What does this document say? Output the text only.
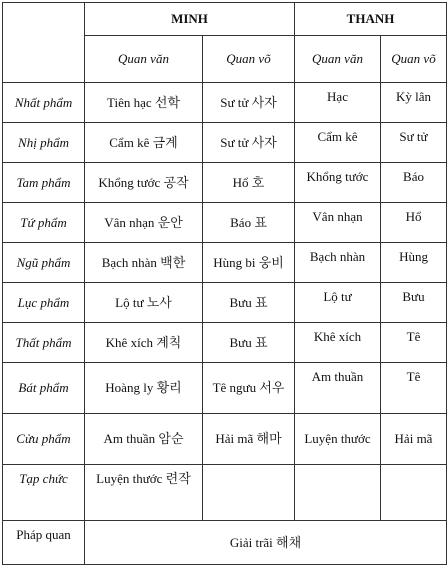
	MINH		THANH	
	Quan văn	Quan võ	Quan văn	Quan võ
Nhất phẩm	Tiên hạc 선학	Sư tử 사자	Hạc	Kỳ lân
Nhị phẩm	Cẩm kê 금계	Sư tử 사자	Cẩm kê	Sư tử
Tam phẩm	Khổng tước 공작	Hổ 호	Khổng tước	Báo
Tứ phẩm	Vân nhạn 운안	Báo 표	Vân nhạn	Hổ
Ngũ phẩm	Bạch nhàn 백한	Hùng bi 웅비	Bạch nhàn	Hùng
Lục phẩm	Lộ tư 노사	Bưu 표	Lộ tư	Bưu
Thất phẩm	Khê xích 계칙	Bưu 표	Khê xích	Tê
Bát phẩm	Hoàng ly 황리	Tê ngưu 서우	Am thuần	Tê
Cửu phẩm	Am thuần 암순	Hải mã 해마	Luyện thước	Hải mã
Tạp chức	Luyện thước 련작			
Pháp quan	Giải trãi 해채			
